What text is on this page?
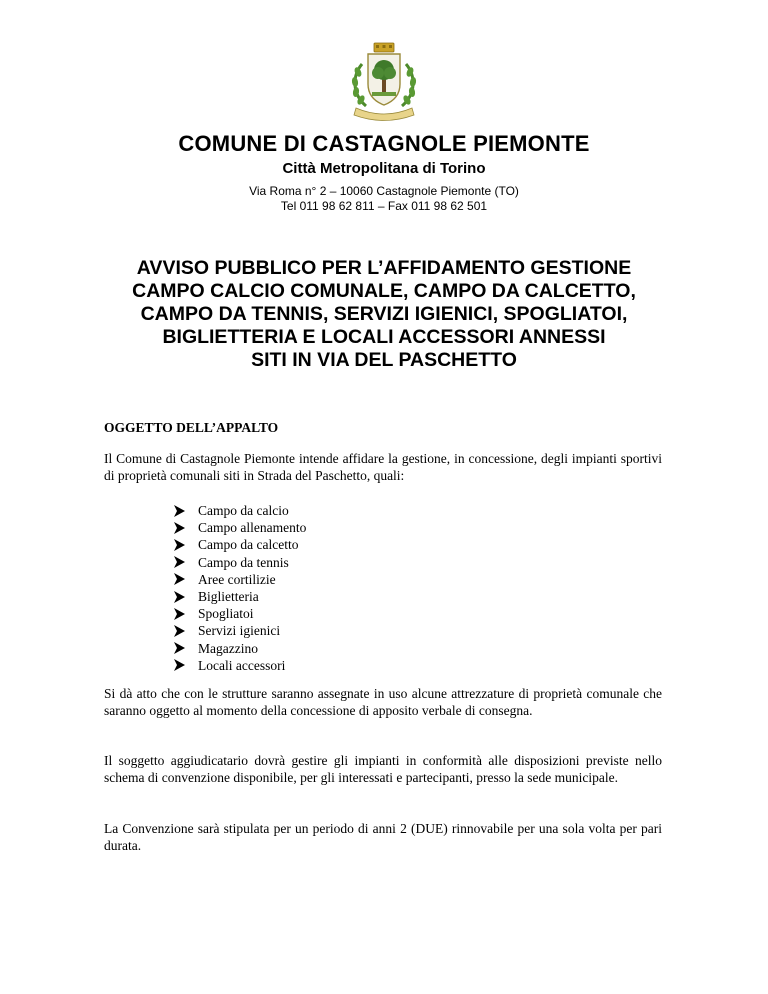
COMUNE DI CASTAGNOLE PIEMONTE
Città Metropolitana di Torino
Via Roma n° 2 – 10060 Castagnole Piemonte (TO)
Tel 011 98 62 811 – Fax 011 98 62 501
AVVISO PUBBLICO PER L’AFFIDAMENTO GESTIONE
CAMPO CALCIO COMUNALE, CAMPO DA CALCETTO,
CAMPO DA TENNIS, SERVIZI IGIENICI, SPOGLIATOI,
BIGLIETTERIA E LOCALI ACCESSORI ANNESSI
SITI IN VIA DEL PASCHETTO
OGGETTO DELL’APPALTO
Il Comune di Castagnole Piemonte intende affidare la gestione, in concessione, degli impianti sportivi di proprietà comunali siti in Strada del Paschetto, quali:
Campo da calcio
Campo allenamento
Campo da calcetto
Campo da tennis
Aree cortilizie
Biglietteria
Spogliatoi
Servizi igienici
Magazzino
Locali accessori
Si dà atto che con le strutture saranno assegnate in uso alcune attrezzature di proprietà comunale che saranno oggetto al momento della concessione di apposito verbale di consegna.
Il soggetto aggiudicatario dovrà gestire gli impianti in conformità alle disposizioni previste nello schema di convenzione disponibile, per gli interessati e partecipanti, presso la sede municipale.
La Convenzione sarà stipulata per un periodo di anni 2 (DUE) rinnovabile per una sola volta per pari durata.
